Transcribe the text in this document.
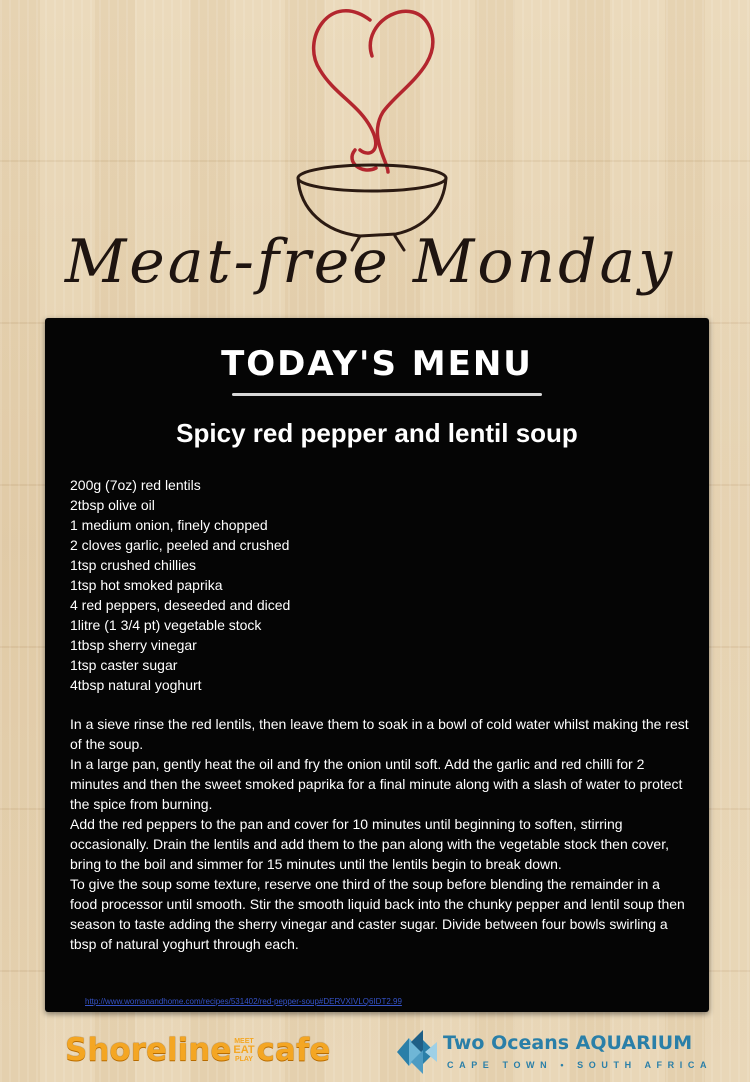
Meat-free Monday
TODAY'S MENU
Spicy red pepper and lentil soup
200g (7oz) red lentils
2tbsp olive oil
1 medium onion, finely chopped
2 cloves garlic, peeled and crushed
1tsp crushed chillies
1tsp hot smoked paprika
4 red peppers, deseeded and diced
1litre (1 3/4 pt) vegetable stock
1tbsp sherry vinegar
1tsp caster sugar
4tbsp natural yoghurt

In a sieve rinse the red lentils, then leave them to soak in a bowl of cold water whilst making the rest of the soup.

In a large pan, gently heat the oil and fry the onion until soft. Add the garlic and red chilli for 2 minutes and then the sweet smoked paprika for a final minute along with a slash of water to protect the spice from burning.

Add the red peppers to the pan and cover for 10 minutes until beginning to soften, stirring occasionally. Drain the lentils and add them to the pan along with the vegetable stock then cover, bring to the boil and simmer for 15 minutes until the lentils begin to break down.

To give the soup some texture, reserve one third of the soup before blending the remainder in a food processor until smooth. Stir the smooth liquid back into the chunky pepper and lentil soup then season to taste adding the sherry vinegar and caster sugar. Divide between four bowls swirling a tbsp of natural yoghurt through each.

http://www.womanandhome.com/recipes/531402/red-pepper-soup#DERVXIVLQ6IDT2.99
Shoreline MEET
EAT
PLAY cafe	Two Oceans AQUARIUM
CAPE TOWN • SOUTH AFRICA
